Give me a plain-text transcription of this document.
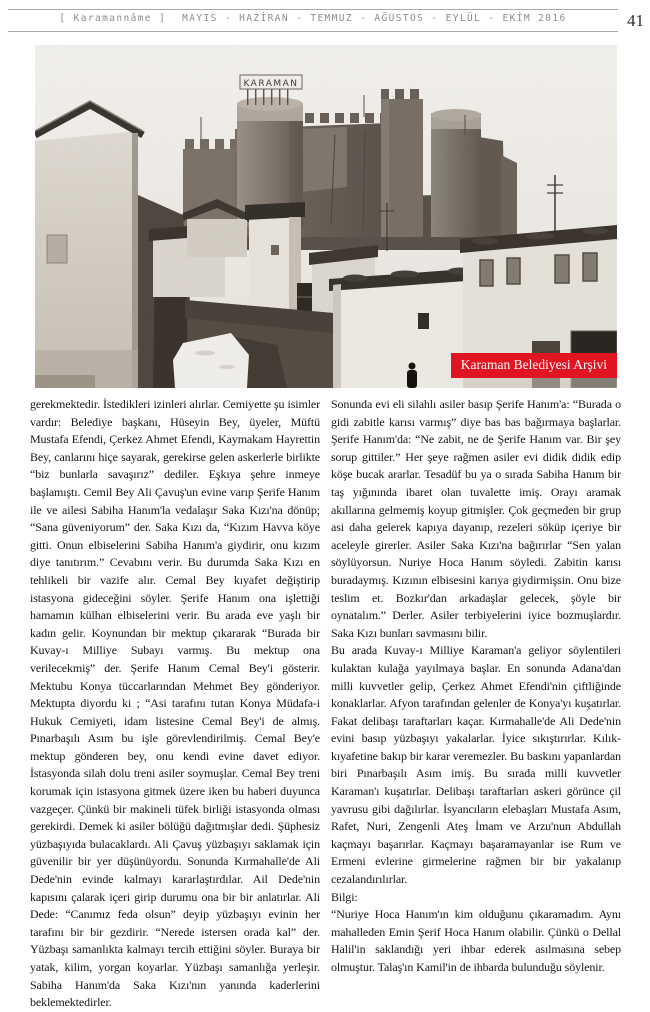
[ Karamannâme ] MAYIS - HAZİRAN - TEMMUZ - AĞUSTOS - EYLÜL - EKİM 2016	41
KARAMAN
Karaman Belediyesi Arşivi

gerekmektedir. İstedikleri izinleri alırlar. Cemiyette şu isimler vardır: Belediye başkanı, Hüseyin Bey, üyeler, Müftü Mustafa Efendi, Çerkez Ahmet Efendi, Kaymakam Hayrettin Bey, canlarını hiçe sayarak, gerekirse gelen askerlerle birlikte “biz bunlarla savaşırız” dediler. Eşkıya şehre inmeye başlamıştı. Cemil Bey Ali Çavuş'un evine varıp Şerife Hanım ile ve ailesi Sabiha Hanım'la vedalaşır Saka Kızı'na dönüp; “Sana güveniyorum” der. Saka Kızı da, “Kızım Havva köye gitti. Onun elbiselerini Sabiha Hanım'a giydirir, onu kızım diye tanıtırım.” Cevabını verir. Bu durumda Saka Kızı en tehlikeli bir vazife alır. Cemal Bey kıyafet değiştirip istasyona gideceğini söyler. Şerife Hanım ona işlettiği hamamın külhan elbiselerini verir. Bu arada eve yaşlı bir kadın gelir. Koynundan bir mektup çıkararak “Burada bir Kuvay-ı Milliye Subayı varmış. Bu mektup ona verilecekmiş” der. Şerife Hanım Cemal Bey'i gösterir. Mektubu Konya tüccarlarından Mehmet Bey gönderiyor. Mektupta diyordu ki ; “Asi tarafını tutan Konya Müdafa-i Hukuk Cemiyeti, idam listesine Cemal Bey'i de almış. Pınarbaşılı Asım bu işle görevlendirilmiş. Cemal Bey'e mektup gönderen bey, onu kendi evine davet ediyor. İstasyonda silah dolu treni asiler soymuşlar. Cemal Bey treni korumak için istasyona gitmek üzere iken bu haberi duyunca vazgeçer. Çünkü bir makineli tüfek birliği istasyonda olması gerekirdi. Demek ki asiler bölüğü dağıtmışlar dedi. Şüphesiz yüzbaşıyıda bulacaklardı. Ali Çavuş yüzbaşıyı saklamak için güvenilir bir yer düşünüyordu. Sonunda Kırmahalle'de Ali Dede'nin evinde kalmayı kararlaştırdılar. Ail Dede'nin kapısını çalarak içeri girip durumu ona bir bir anlatırlar. Ali Dede: “Canımız feda olsun” deyip yüzbaşıyı evinin her tarafını bir bir gezdirir. “Nerede istersen orada kal” der. Yüzbaşı samanlıkta kalmayı tercih ettiğini söyler. Buraya bir yatak, kilim, yorgan koyarlar. Yüzbaşı samanlığa yerleşir. Sabiha Hanım'da Saka Kızı'nın yanında kaderlerini beklemektedirler.

Sonunda evi eli silahlı asiler basıp Şerife Hanım'a: “Burada o gidi zabitle karısı varmış” diye bas bas bağırmaya başlarlar. Şerife Hanım'da: “Ne zabit, ne de Şerife Hanım var. Bir şey sorup gittiler.” Her şeye rağmen asiler evi didik didik edip köşe bucak ararlar. Tesadüf bu ya o sırada Sabiha Hanım bir taş yığınında ibaret olan tuvalette imiş. Orayı aramak akıllarına gelmemiş koyup gitmişler. Çok geçmeden bir grup asi daha gelerek kapıya dayanıp, rezeleri söküp içeriye bir aceleyle girerler. Asiler Saka Kızı'na bağırırlar “Sen yalan söylüyorsun. Nuriye Hoca Hanım söyledi. Zabitin karısı buradaymış. Kızının elbisesini karıya giydirmişsin. Onu bize teslim et. Bozkır'dan arkadaşlar gelecek, şöyle bir oynatalım.” Derler. Asiler terbiyelerini iyice bozmuşlardır. Saka Kızı bunları savmasını bilir.

Bu arada Kuvay-ı Milliye Karaman'a geliyor söylentileri kulaktan kulağa yayılmaya başlar. En sonunda Adana'dan milli kuvvetler gelip, Çerkez Ahmet Efendi'nin çiftliğinde konaklarlar. Afyon tarafından gelenler de Konya'yı kuşatırlar. Fakat delibaşı taraftarları kaçar. Kırmahalle'de Ali Dede'nin evini basıp yüzbaşıyı yakalarlar. İyice sıkıştırırlar. Kılık-kıyafetine bakıp bir karar veremezler. Bu baskını yapanlardan biri Pınarbaşılı Asım imiş. Bu sırada milli kuvvetler Karaman'ı kuşatırlar. Delibaşı taraftarları askeri görünce çil yavrusu gibi dağılırlar. İsyancıların elebaşları Mustafa Asım, Rafet, Nuri, Zengenli Ateş İmam ve Arzu'nun Abdullah kaçmayı başarırlar. Kaçmayı başaramayanlar ise Rum ve Ermeni evlerine girmelerine rağmen bir bir yakalanıp cezalandırılırlar.

Bilgi:

“Nuriye Hoca Hanım'ın kim olduğunu çıkaramadım. Aynı mahalleden Emin Şerif Hoca Hanım olabilir. Çünkü o Dellal Halil'in saklandığı yeri ihbar ederek asılmasına sebep olmuştur. Talaş'ın Kamil'in de ihbarda bulunduğu söylenir.
